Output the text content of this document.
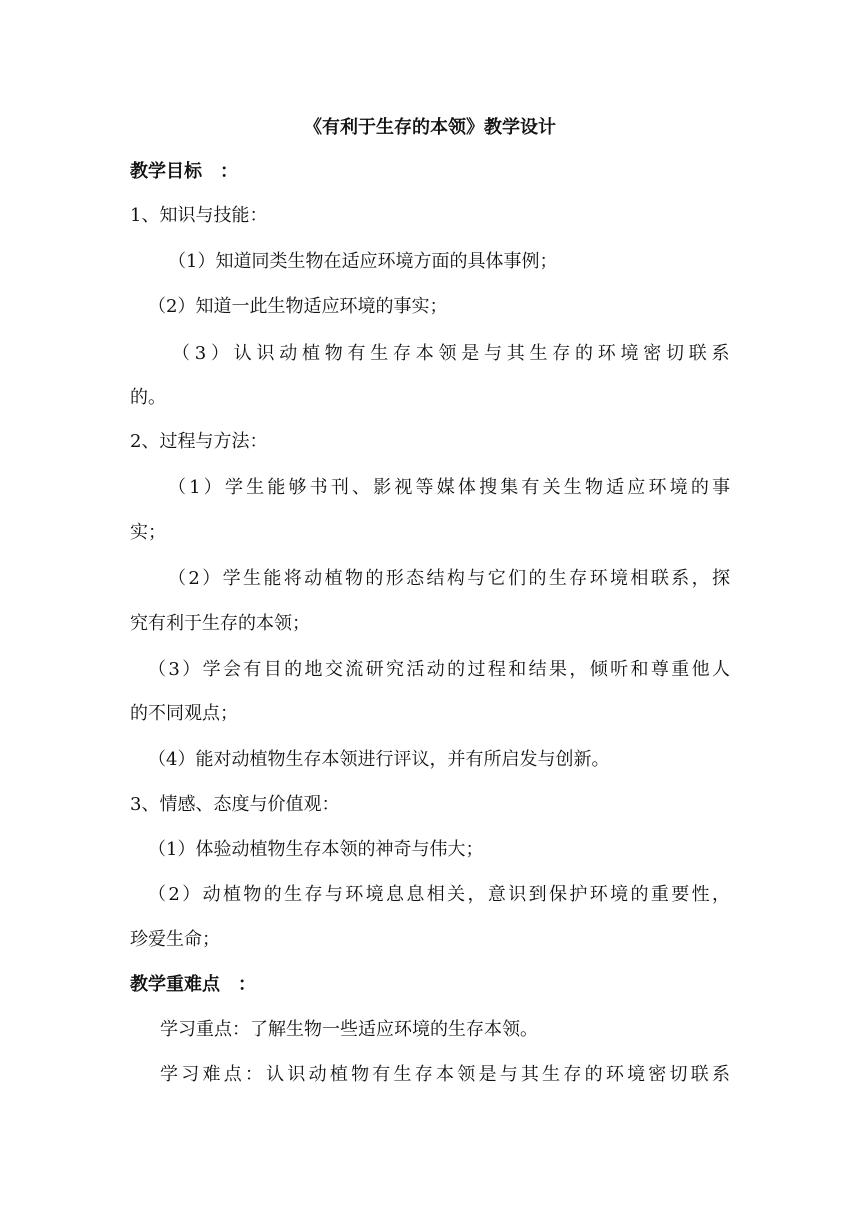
《有利于生存的本领》教学设计
教学目标　：
1、知识与技能：
（1）知道同类生物在适应环境方面的具体事例；
（2）知道一此生物适应环境的事实；
（3）认识动植物有生存本领是与其生存的环境密切联系
的。
2、过程与方法：
（1）学生能够书刊、影视等媒体搜集有关生物适应环境的事
实；
（2）学生能将动植物的形态结构与它们的生存环境相联系，探
究有利于生存的本领；
（3）学会有目的地交流研究活动的过程和结果，倾听和尊重他人
的不同观点；
（4）能对动植物生存本领进行评议，并有所启发与创新。
3、情感、态度与价值观：
（1）体验动植物生存本领的神奇与伟大；
（2）动植物的生存与环境息息相关，意识到保护环境的重要性，
珍爱生命；
教学重难点　：
学习重点：了解生物一些适应环境的生存本领。
学习难点：认识动植物有生存本领是与其生存的环境密切联系
